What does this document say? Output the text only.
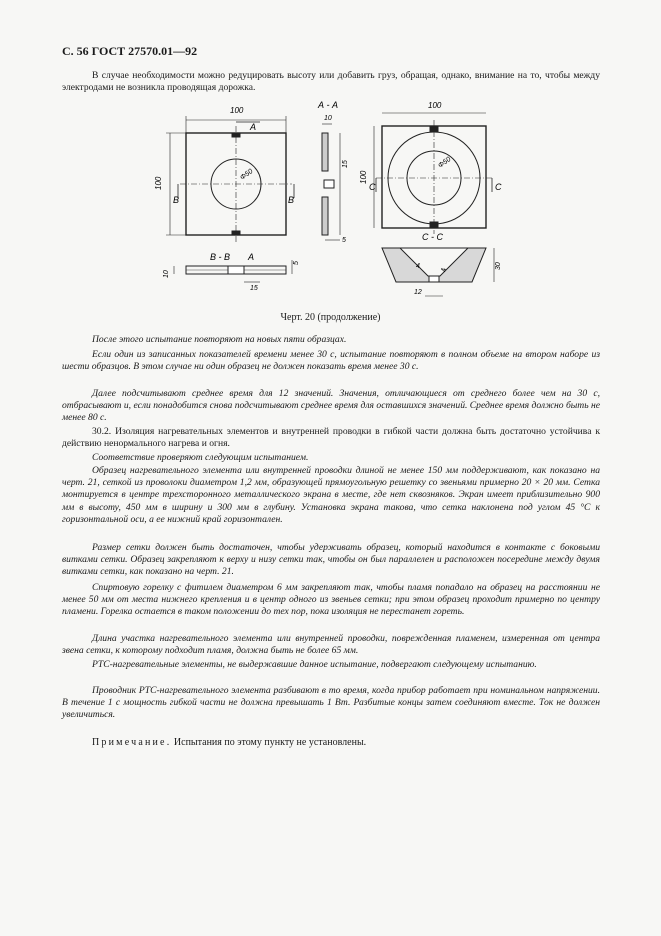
С. 56 ГОСТ 27570.01—92

В случае необходимости можно редуцировать высоту или добавить груз, обращая, однако, внимание на то, чтобы между электродами не возникла проводящая дорожка.

100
A
100
B	B
Φ50
А - А
10
15
5
В - В A
10
15
5
100
100
Φ50
C	C
С - С
4
4
30
12
Черт. 20 (продолжение)

После этого испытание повторяют на новых пяти образцах.

Если один из записанных показателей времени менее 30 с, испытание повторяют в полном объеме на втором наборе из шести образцов. В этом случае ни один образец не должен показать время менее 30 с.

Далее подсчитывают среднее время для 12 значений. Значения, отличающиеся от среднего более чем на 30 с, отбрасывают и, если понадобится снова подсчитывают среднее время для оставшихся значений. Среднее время должно быть не менее 80 с.

30.2. Изоляция нагревательных элементов и внутренней проводки в гибкой части должна быть достаточно устойчива к действию ненормального нагрева и огня.

Соответствие проверяют следующим испытанием.

Образец нагревательного элемента или внутренней проводки длиной не менее 150 мм поддерживают, как показано на черт. 21, сеткой из проволоки диаметром 1,2 мм, образующей прямоугольную решетку со звеньями примерно 20 × 20 мм. Сетка монтируется в центре трехсторонного металлического экрана в месте, где нет сквозняков. Экран имеет приблизительно 900 мм в высоту, 450 мм в ширину и 300 мм в глубину. Установка экрана такова, что сетка наклонена под углом 45 °С к горизонтальной оси, а ее нижний край горизонтален.

Размер сетки должен быть достаточен, чтобы удерживать образец, который находится в контакте с боковыми витками сетки. Образец закрепляют к верху и низу сетки так, чтобы он был параллелен и расположен посередине между двумя витками сетки, как показано на черт. 21.

Спиртовую горелку с фитилем диаметром 6 мм закрепляют так, чтобы пламя попадало на образец на расстоянии не менее 50 мм от места нижнего крепления и в центр одного из звеньев сетки; при этом образец проходит примерно по центру пламени. Горелка остается в таком положении до тех пор, пока изоляция не перестанет гореть.

Длина участка нагревательного элемента или внутренней проводки, поврежденная пламенем, измеренная от центра звена сетки, к которому подходит пламя, должна быть не более 65 мм.

PTC-нагревательные элементы, не выдержавшие данное испытание, подвергают следующему испытанию.

Проводник PTC-нагревательного элемента разбивают в то время, когда прибор работает при номинальном напряжении. В течение 1 с мощность гибкой части не должна превышать 1 Вт. Разбитые концы затем соединяют вместе. Ток не должен увеличиться.

Примечание. Испытания по этому пункту не установлены.
